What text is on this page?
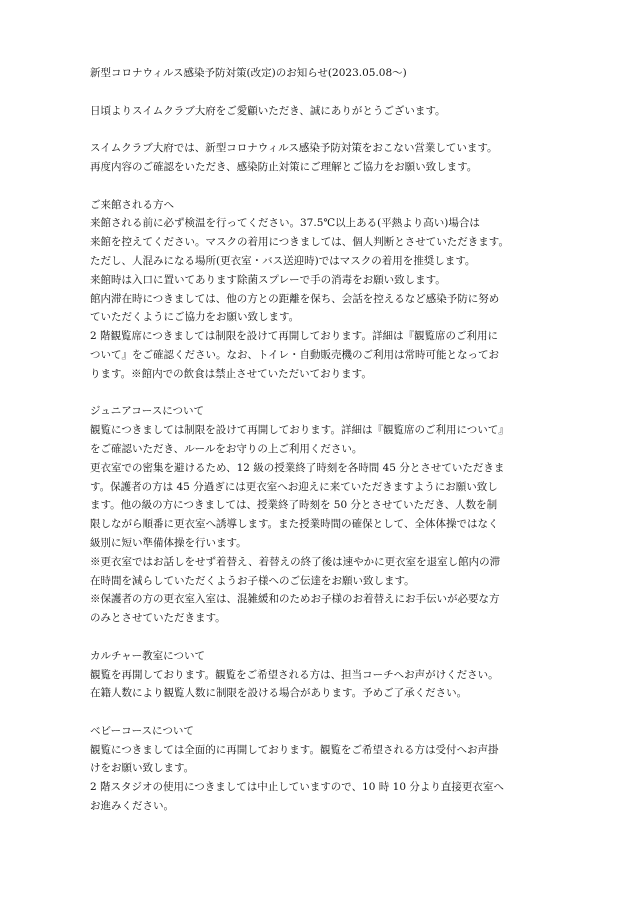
新型コロナウィルス感染予防対策(改定)のお知らせ(2023.05.08～)
日頃よりスイムクラブ大府をご愛顧いただき、誠にありがとうございます。
スイムクラブ大府では、新型コロナウィルス感染予防対策をおこない営業しています。
再度内容のご確認をいただき、感染防止対策にご理解とご協力をお願い致します。
ご来館される方へ
来館される前に必ず検温を行ってください。37.5℃以上ある(平熱より高い)場合は
来館を控えてください。マスクの着用につきましては、個人判断とさせていただきます。
ただし、人混みになる場所(更衣室・バス送迎時)ではマスクの着用を推奨します。
来館時は入口に置いてあります除菌スプレーで手の消毒をお願い致します。
館内滞在時につきましては、他の方との距離を保ち、会話を控えるなど感染予防に努め
ていただくようにご協力をお願い致します。
2 階観覧席につきましては制限を設けて再開しております。詳細は『観覧席のご利用に
ついて』をご確認ください。なお、トイレ・自動販売機のご利用は常時可能となってお
ります。※館内での飲食は禁止させていただいております。
ジュニアコースについて
観覧につきましては制限を設けて再開しております。詳細は『観覧席のご利用について』
をご確認いただき、ルールをお守りの上ご利用ください。
更衣室での密集を避けるため、12 級の授業終了時刻を各時間 45 分とさせていただきま
す。保護者の方は 45 分過ぎには更衣室へお迎えに来ていただきますようにお願い致し
ます。他の級の方につきましては、授業終了時刻を 50 分とさせていただき、人数を制
限しながら順番に更衣室へ誘導します。また授業時間の確保として、全体体操ではなく
級別に短い準備体操を行います。
※更衣室ではお話しをせず着替え、着替えの終了後は速やかに更衣室を退室し館内の滞
在時間を減らしていただくようお子様へのご伝達をお願い致します。
※保護者の方の更衣室入室は、混雑緩和のためお子様のお着替えにお手伝いが必要な方
のみとさせていただきます。
カルチャー教室について
観覧を再開しております。観覧をご希望される方は、担当コーチへお声がけください。
在籍人数により観覧人数に制限を設ける場合があります。予めご了承ください。
ベビーコースについて
観覧につきましては全面的に再開しております。観覧をご希望される方は受付へお声掛
けをお願い致します。
2 階スタジオの使用につきましては中止していますので、10 時 10 分より直接更衣室へ
お進みください。
